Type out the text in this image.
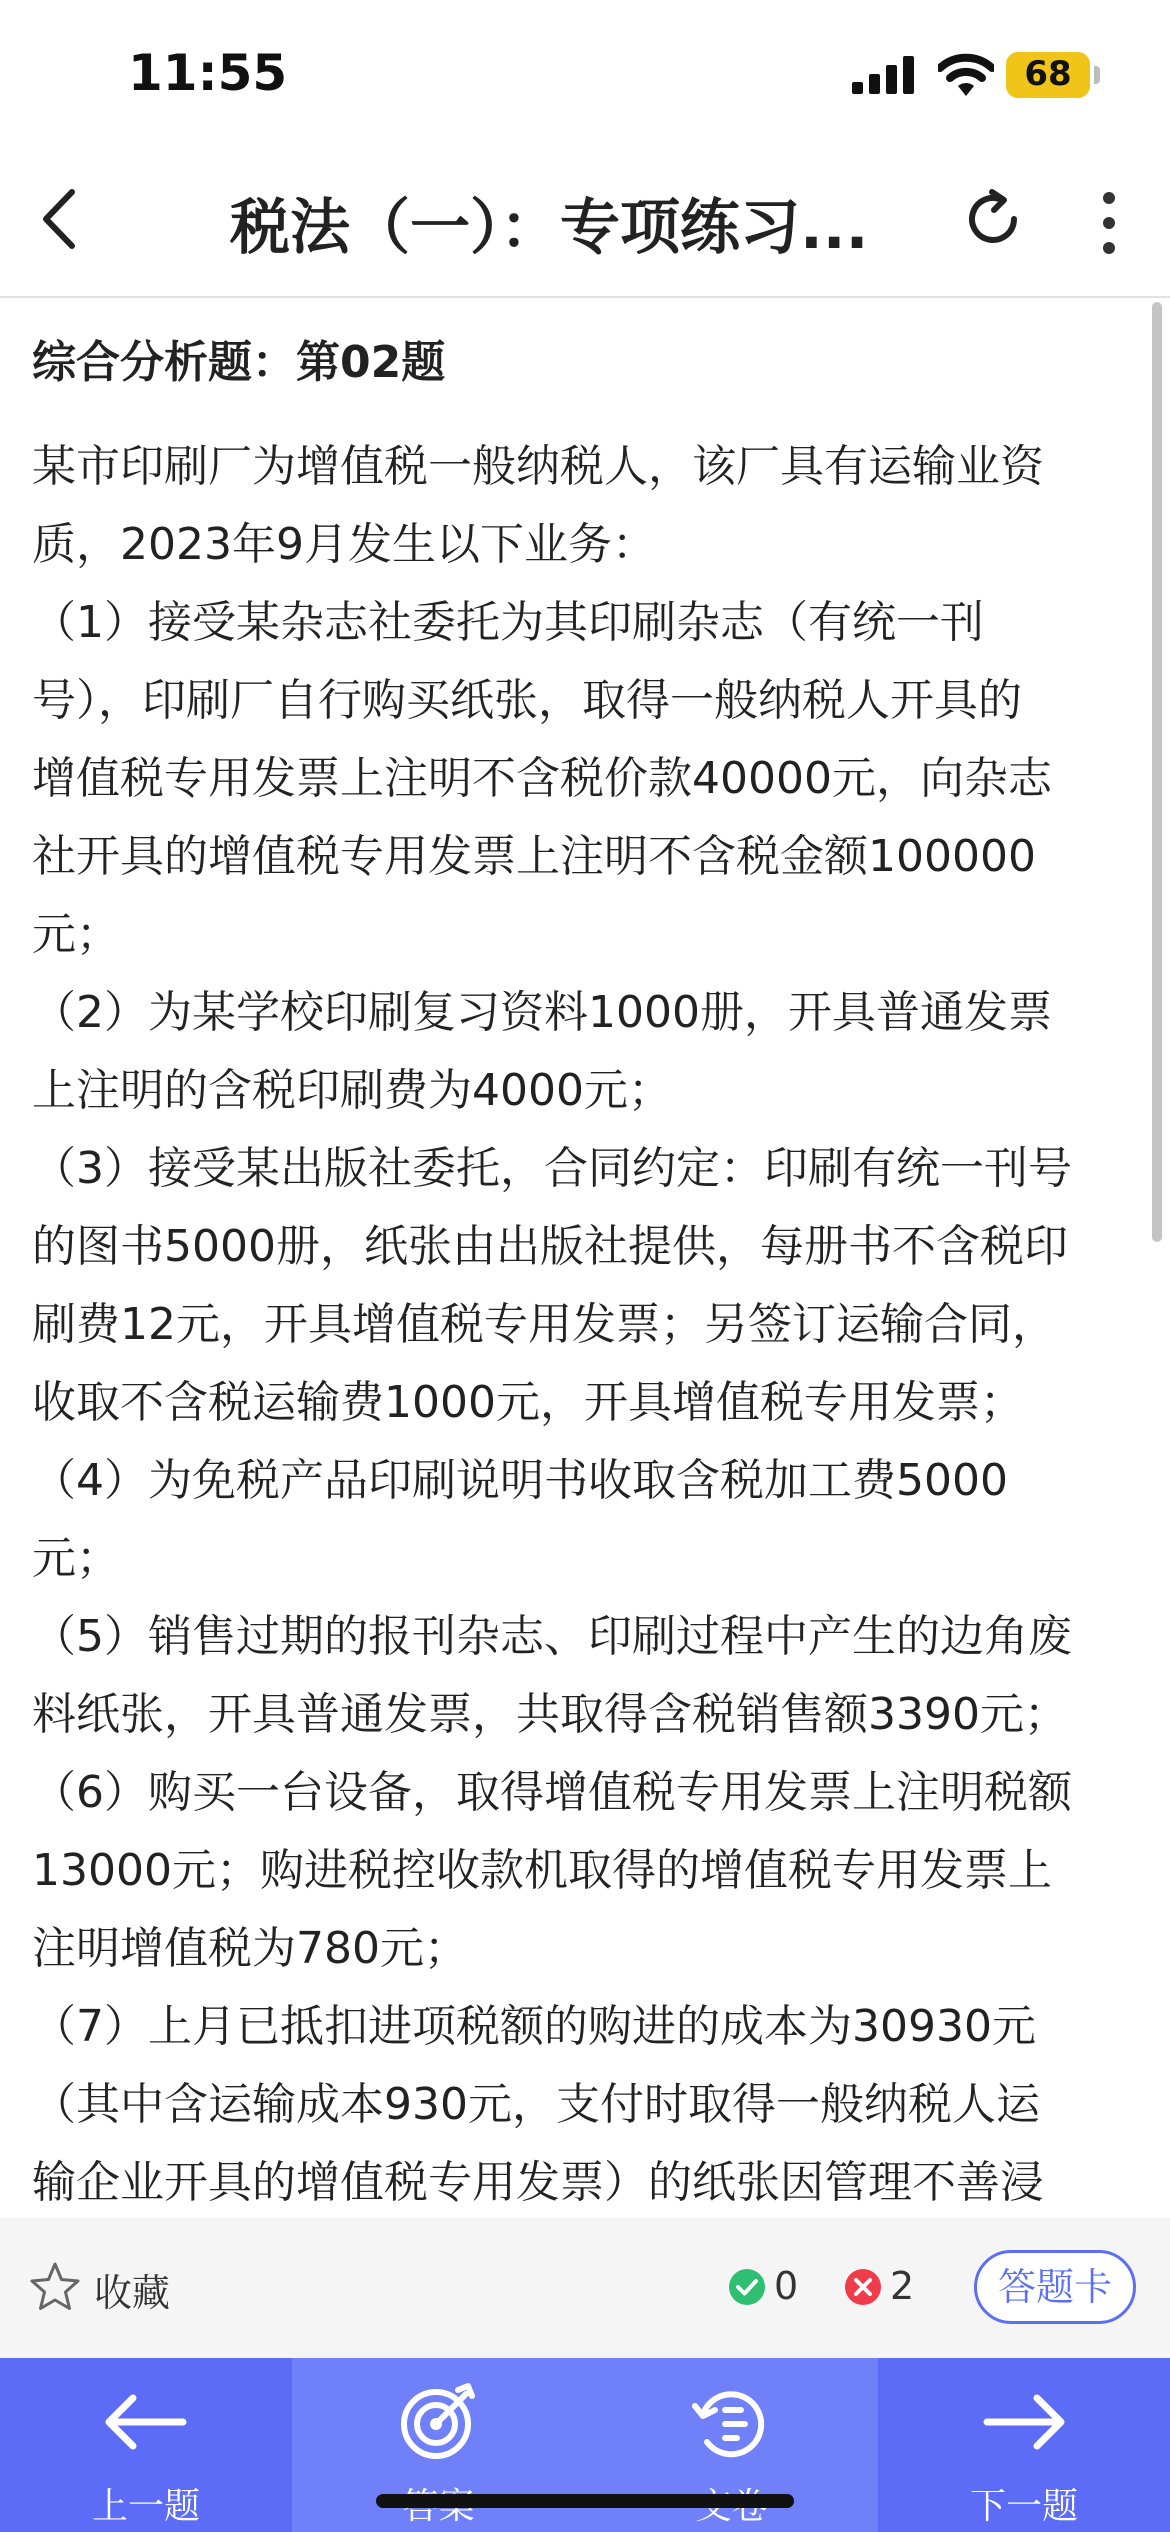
11:55	68
税法（一）：专项练习...
综合分析题：第02题

某市印刷厂为增值税一般纳税人，该厂具有运输业资

质，2023年9月发生以下业务：

（1）接受某杂志社委托为其印刷杂志（有统一刊

号），印刷厂自行购买纸张，取得一般纳税人开具的

增值税专用发票上注明不含税价款40000元，向杂志

社开具的增值税专用发票上注明不含税金额100000

元；

（2）为某学校印刷复习资料1000册，开具普通发票

上注明的含税印刷费为4000元；

（3）接受某出版社委托，合同约定：印刷有统一刊号

的图书5000册，纸张由出版社提供，每册书不含税印

刷费12元，开具增值税专用发票；另签订运输合同，

收取不含税运输费1000元，开具增值税专用发票；

（4）为免税产品印刷说明书收取含税加工费5000

元；

（5）销售过期的报刊杂志、印刷过程中产生的边角废

料纸张，开具普通发票，共取得含税销售额3390元；

（6）购买一台设备，取得增值税专用发票上注明税额

13000元；购进税控收款机取得的增值税专用发票上

注明增值税为780元；

（7）上月已抵扣进项税额的购进的成本为30930元

（其中含运输成本930元，支付时取得一般纳税人运

输企业开具的增值税专用发票）的纸张因管理不善浸

收藏	0 2	答题卡
上一题	下一题
